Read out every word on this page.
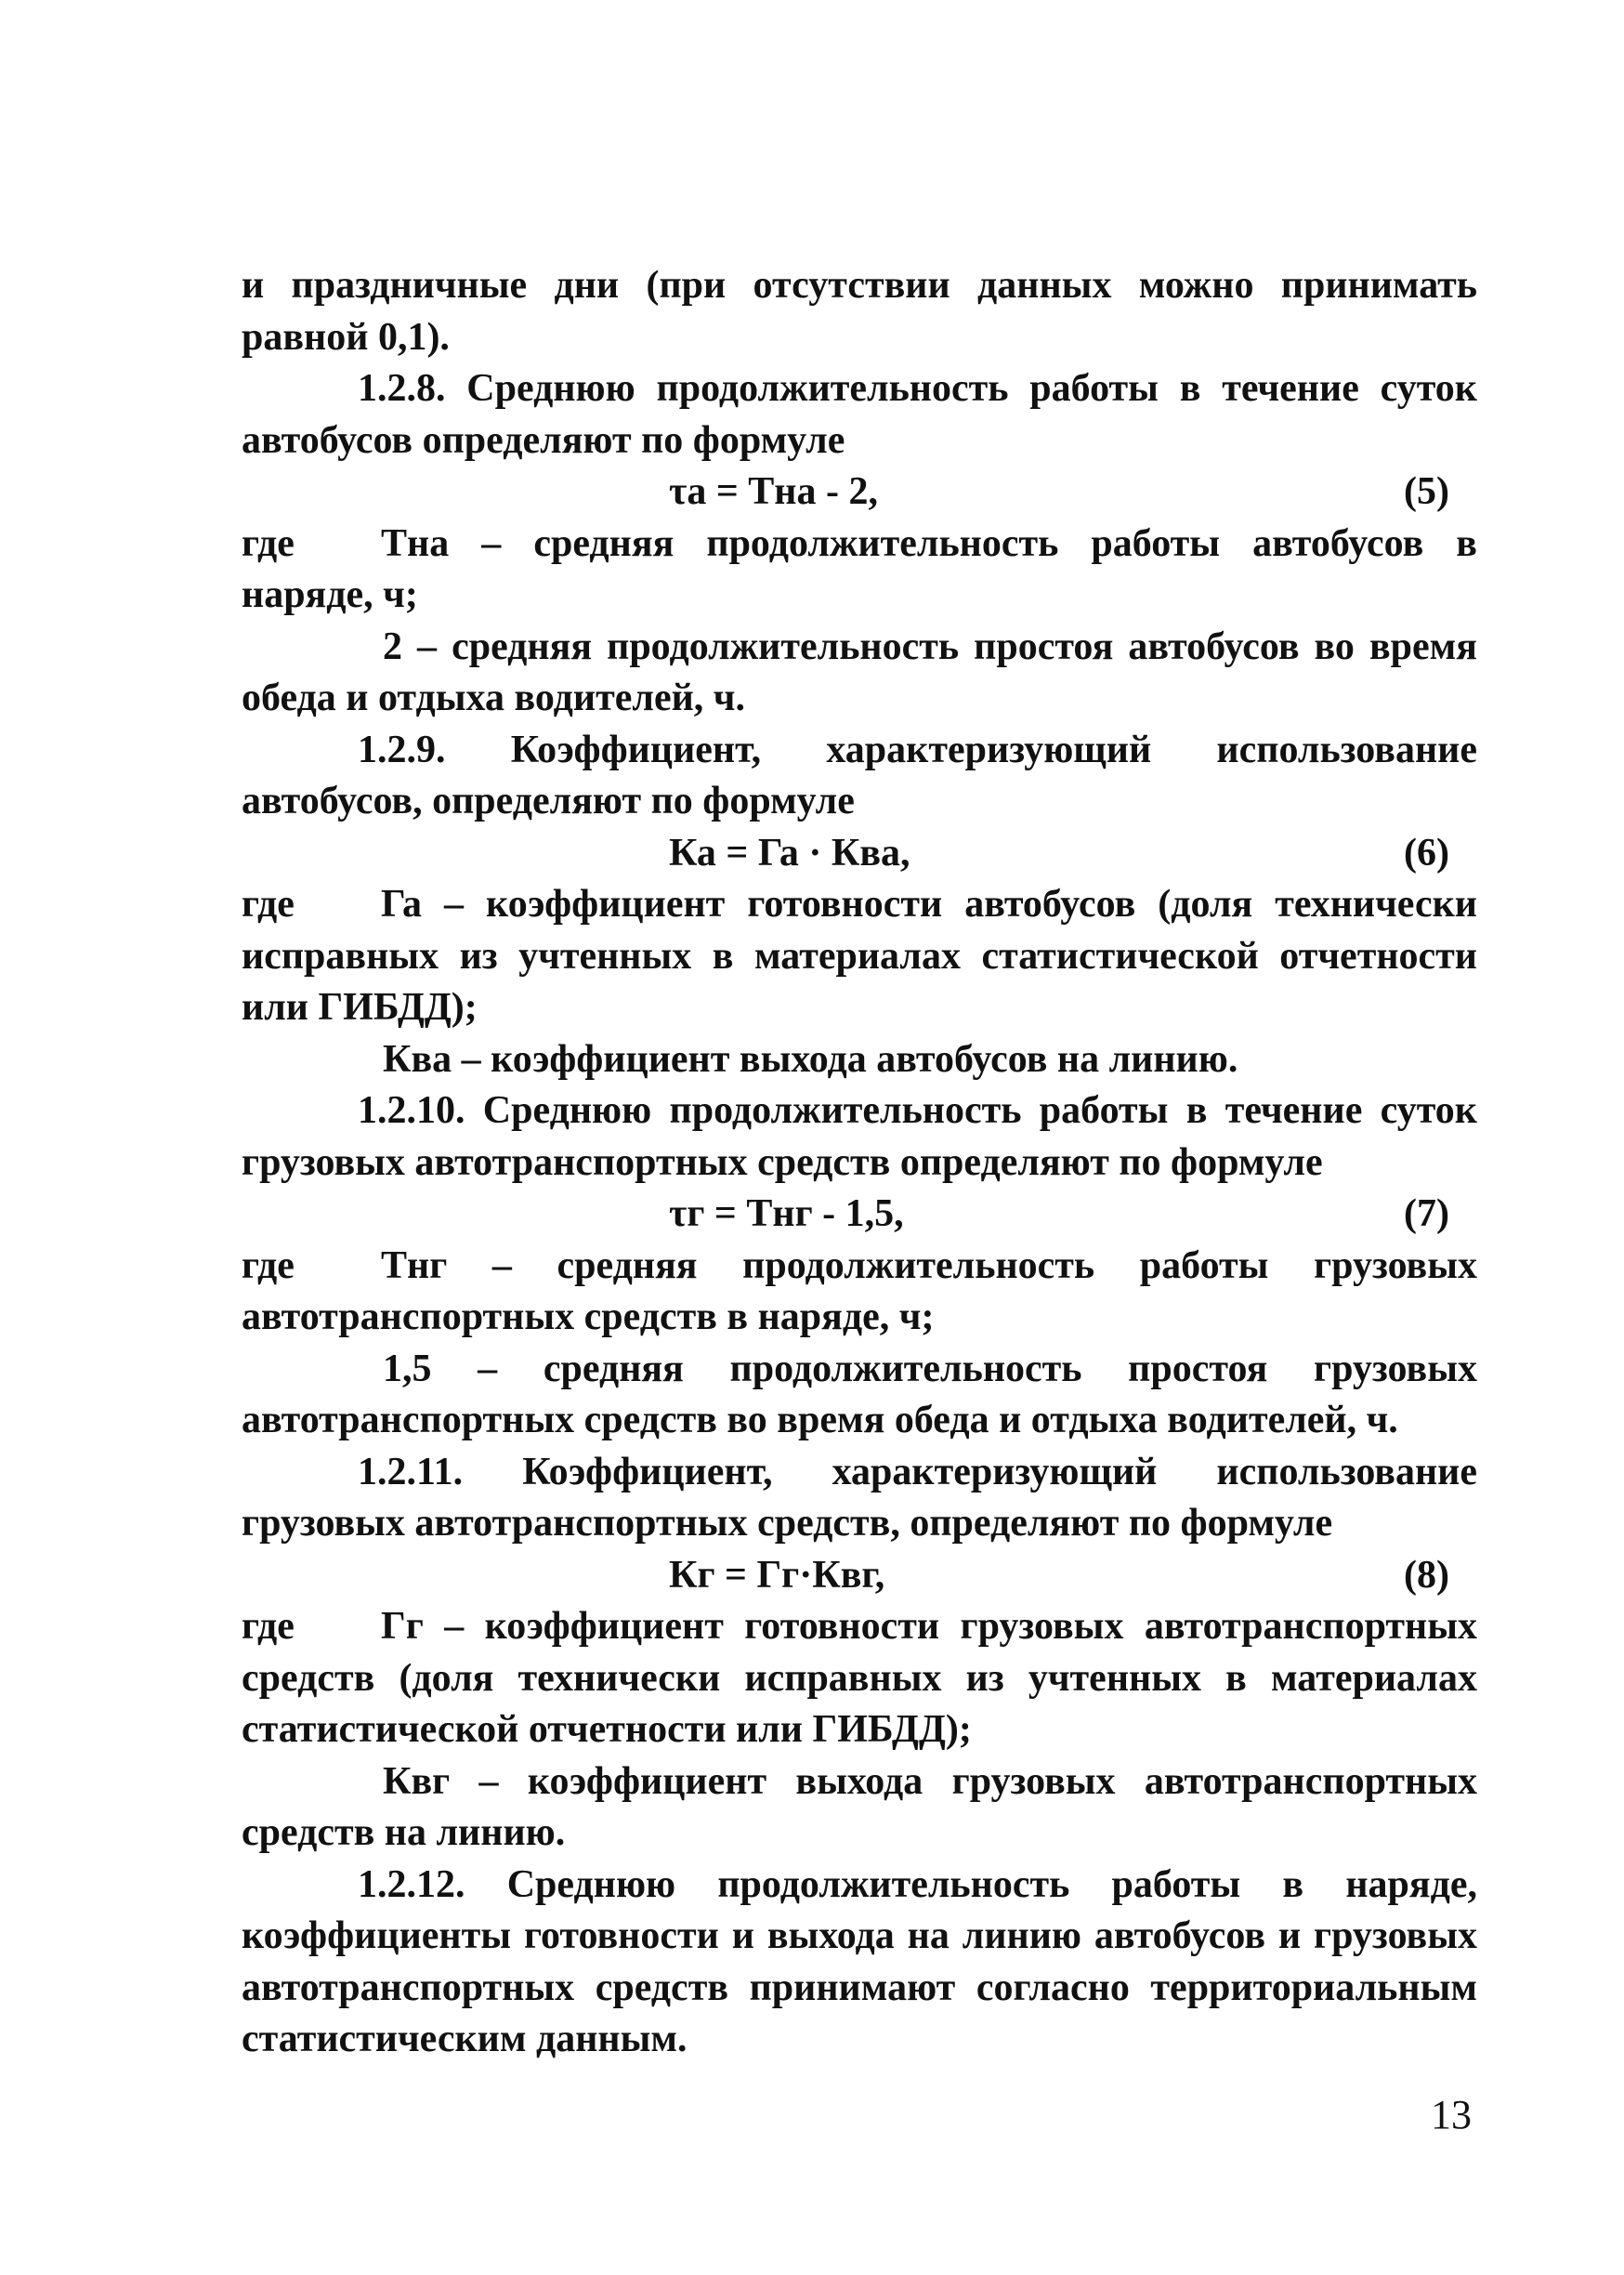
и праздничные дни (при отсутствии данных можно принимать
равной 0,1).
1.2.8. Среднюю продолжительность работы в течение суток
автобусов определяют по формуле
τа = Тна - 2,	(5)
где	Тна – средняя продолжительность работы автобусов в
наряде, ч;
2 – средняя продолжительность простоя автобусов во время
обеда и отдыха водителей, ч.
1.2.9. Коэффициент, характеризующий использование
автобусов, определяют по формуле
Ка = Га · Ква,	(6)
где	Га – коэффициент готовности автобусов (доля технически
исправных из учтенных в материалах статистической отчетности
или ГИБДД);
Ква – коэффициент выхода автобусов на линию.
1.2.10. Среднюю продолжительность работы в течение суток
грузовых автотранспортных средств определяют по формуле
τг = Тнг - 1,5,	(7)
где	Тнг – средняя продолжительность работы грузовых
автотранспортных средств в наряде, ч;
1,5 – средняя продолжительность простоя грузовых
автотранспортных средств во время обеда и отдыха водителей, ч.
1.2.11. Коэффициент, характеризующий использование
грузовых автотранспортных средств, определяют по формуле
Кг = Гг·Квг,	(8)
где	Гг – коэффициент готовности грузовых автотранспортных
средств (доля технически исправных из учтенных в материалах
статистической отчетности или ГИБДД);
Квг – коэффициент выхода грузовых автотранспортных
средств на линию.
1.2.12. Среднюю продолжительность работы в наряде,
коэффициенты готовности и выхода на линию автобусов и грузовых
автотранспортных средств принимают согласно территориальным
статистическим данным.
13
